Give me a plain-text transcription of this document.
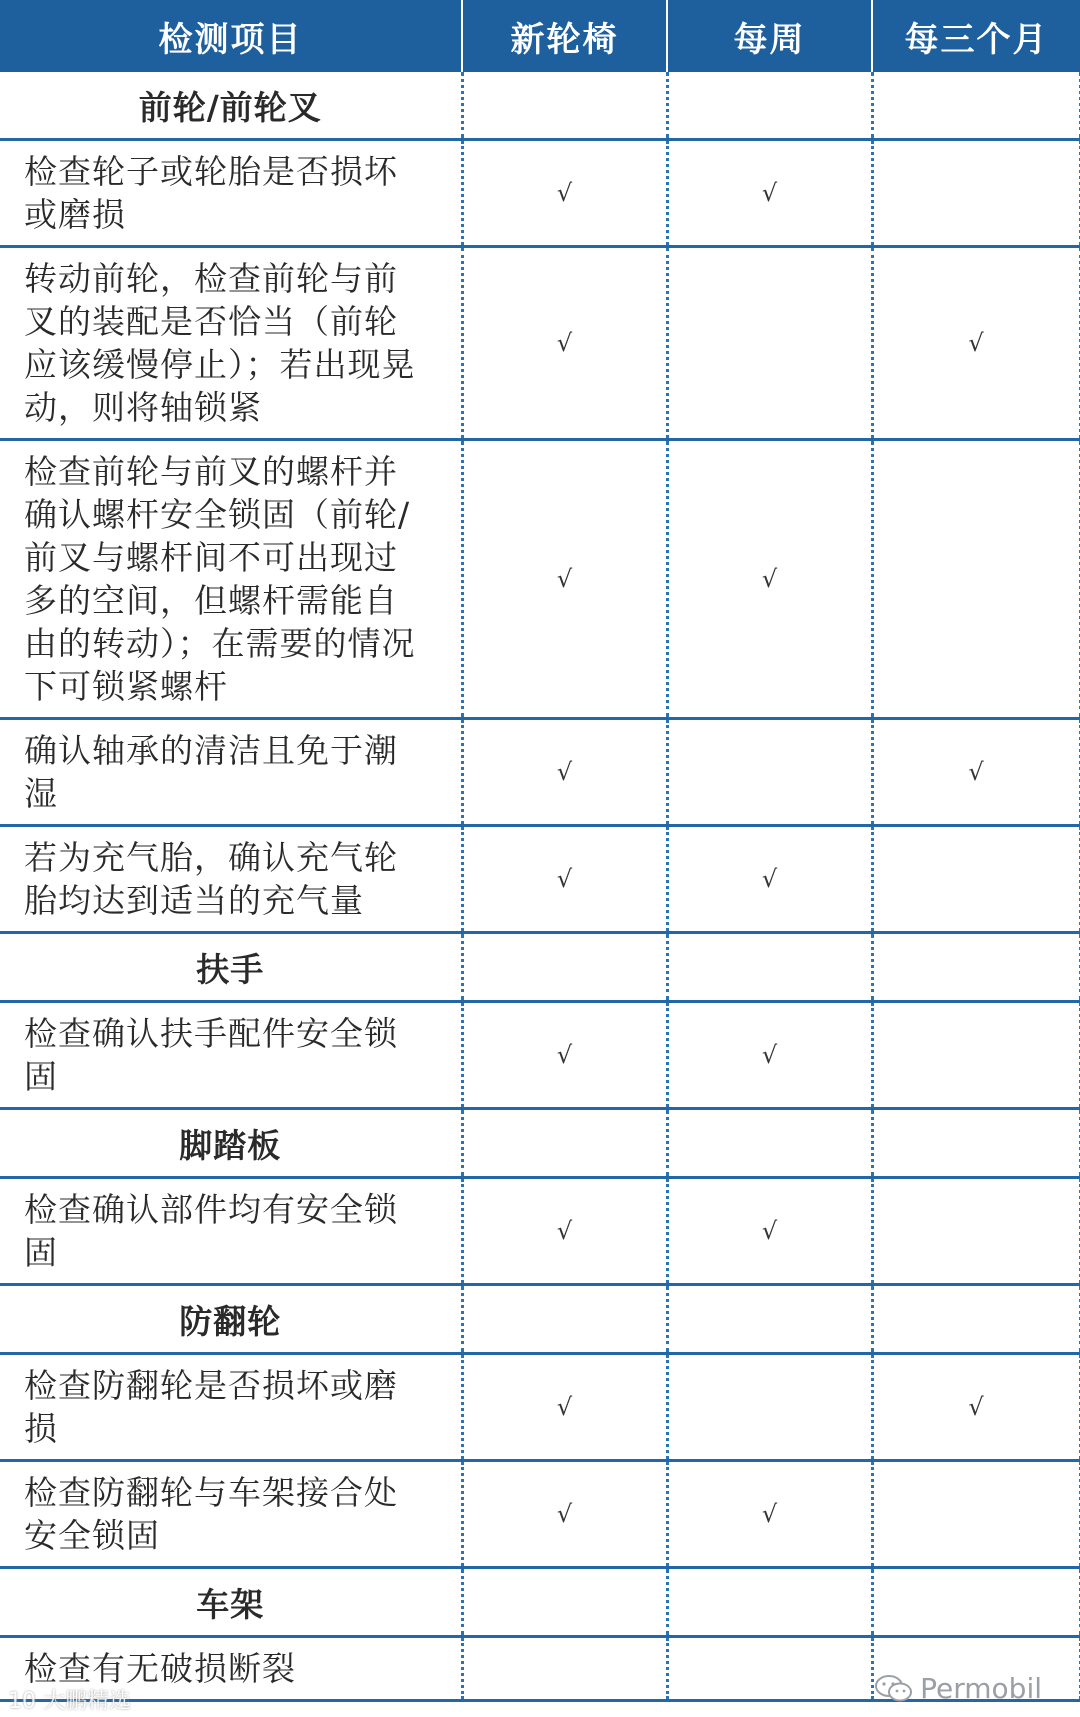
检测项目	新轮椅	每周	每三个月
前轮/前轮叉			
检查轮子或轮胎是否损坏或磨损	√	√	
转动前轮，检查前轮与前叉的装配是否恰当（前轮应该缓慢停止）；若出现晃动，则将轴锁紧	√		√
检查前轮与前叉的螺杆并确认螺杆安全锁固（前轮/前叉与螺杆间不可出现过多的空间，但螺杆需能自由的转动）；在需要的情况下可锁紧螺杆	√	√	
确认轴承的清洁且免于潮湿	√		√
若为充气胎，确认充气轮胎均达到适当的充气量	√	√	
扶手			
检查确认扶手配件安全锁固	√	√	
脚踏板			
检查确认部件均有安全锁固	√	√	
防翻轮			
检查防翻轮是否损坏或磨损	√		√
检查防翻轮与车架接合处安全锁固	√	√	
车架			
检查有无破损断裂			
10 大鹏精选	Permobil
